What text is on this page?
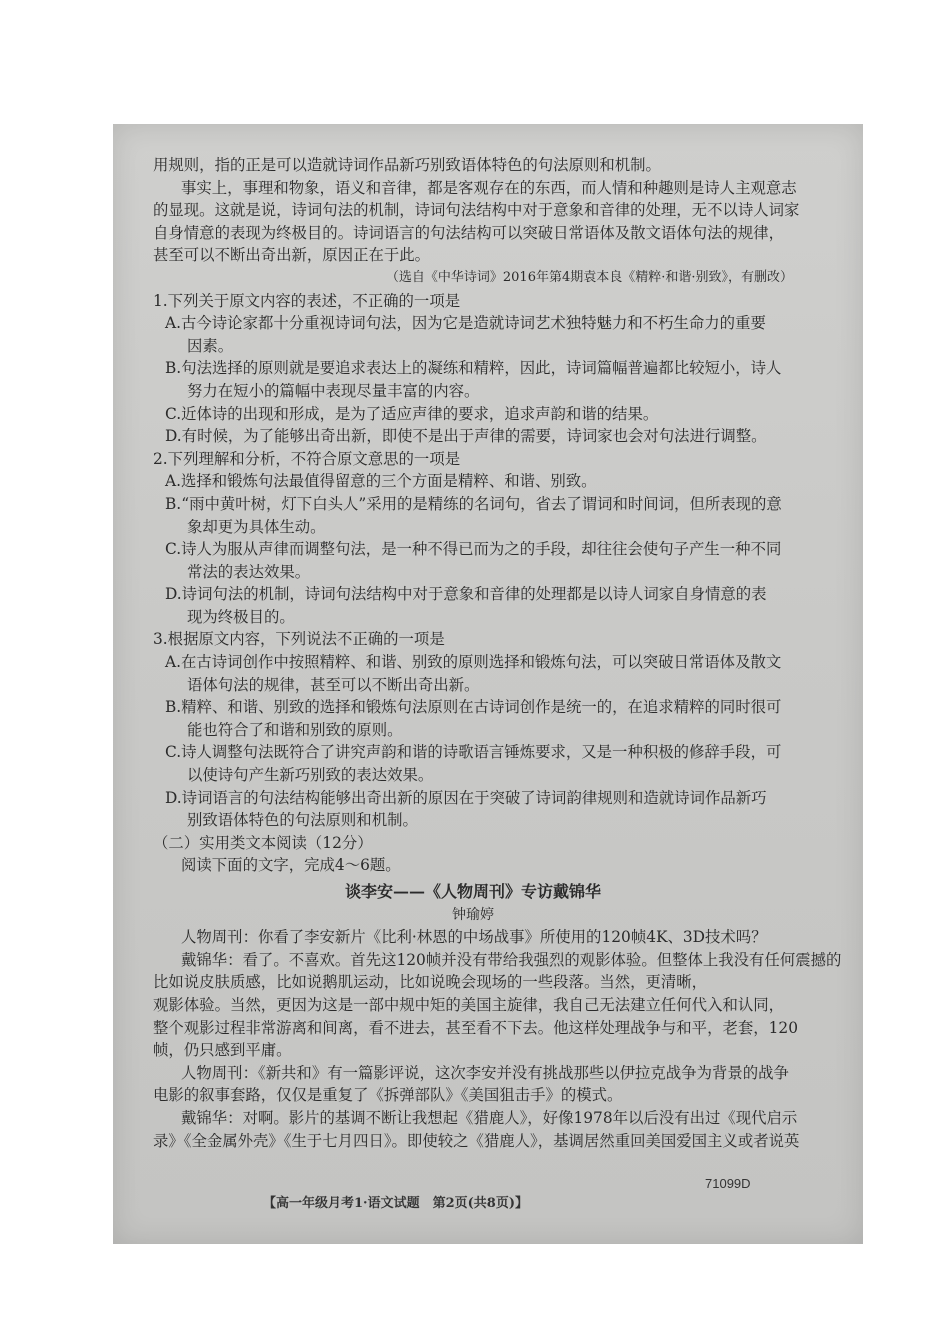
用规则，指的正是可以造就诗词作品新巧别致语体特色的句法原则和机制。

事实上，事理和物象，语义和音律，都是客观存在的东西，而人情和种趣则是诗人主观意志

的显现。这就是说，诗词句法的机制，诗词句法结构中对于意象和音律的处理，无不以诗人词家

自身情意的表现为终极目的。诗词语言的句法结构可以突破日常语体及散文语体句法的规律，

甚至可以不断出奇出新，原因正在于此。

（选自《中华诗词》2016年第4期袁本良《精粹·和谐·别致》，有删改）

1.下列关于原文内容的表述，不正确的一项是

A.古今诗论家都十分重视诗词句法，因为它是造就诗词艺术独特魅力和不朽生命力的重要

因素。

B.句法选择的原则就是要追求表达上的凝练和精粹，因此，诗词篇幅普遍都比较短小，诗人

努力在短小的篇幅中表现尽量丰富的内容。

C.近体诗的出现和形成，是为了适应声律的要求，追求声韵和谐的结果。

D.有时候，为了能够出奇出新，即使不是出于声律的需要，诗词家也会对句法进行调整。

2.下列理解和分析，不符合原文意思的一项是

A.选择和锻炼句法最值得留意的三个方面是精粹、和谐、别致。

B.“雨中黄叶树，灯下白头人”采用的是精练的名词句，省去了谓词和时间词，但所表现的意

象却更为具体生动。

C.诗人为服从声律而调整句法，是一种不得已而为之的手段，却往往会使句子产生一种不同

常法的表达效果。

D.诗词句法的机制，诗词句法结构中对于意象和音律的处理都是以诗人词家自身情意的表

现为终极目的。

3.根据原文内容，下列说法不正确的一项是

A.在古诗词创作中按照精粹、和谐、别致的原则选择和锻炼句法，可以突破日常语体及散文

语体句法的规律，甚至可以不断出奇出新。

B.精粹、和谐、别致的选择和锻炼句法原则在古诗词创作是统一的，在追求精粹的同时很可

能也符合了和谐和别致的原则。

C.诗人调整句法既符合了讲究声韵和谐的诗歌语言锤炼要求，又是一种积极的修辞手段，可

以使诗句产生新巧别致的表达效果。

D.诗词语言的句法结构能够出奇出新的原因在于突破了诗词韵律规则和造就诗词作品新巧

别致语体特色的句法原则和机制。

（二）实用类文本阅读（12分）

阅读下面的文字，完成4～6题。

谈李安——《人物周刊》专访戴锦华

钟瑜婷

人物周刊：你看了李安新片《比利·林恩的中场战事》所使用的120帧4K、3D技术吗？

戴锦华：看了。不喜欢。首先这120帧并没有带给我强烈的观影体验。但整体上我没有任何震撼的

比如说皮肤质感，比如说鹅肌运动，比如说晚会现场的一些段落。当然，更清晰，

观影体验。当然，更因为这是一部中规中矩的美国主旋律，我自己无法建立任何代入和认同，

整个观影过程非常游离和间离，看不进去，甚至看不下去。他这样处理战争与和平，老套，120

帧，仍只感到平庸。

人物周刊：《新共和》有一篇影评说，这次李安并没有挑战那些以伊拉克战争为背景的战争

电影的叙事套路，仅仅是重复了《拆弹部队》《美国狙击手》的模式。

戴锦华：对啊。影片的基调不断让我想起《猎鹿人》，好像1978年以后没有出过《现代启示

录》《全金属外壳》《生于七月四日》。即使较之《猎鹿人》，基调居然重回美国爱国主义或者说英

71099D
【高一年级月考1·语文试题　第2页(共8页)】
